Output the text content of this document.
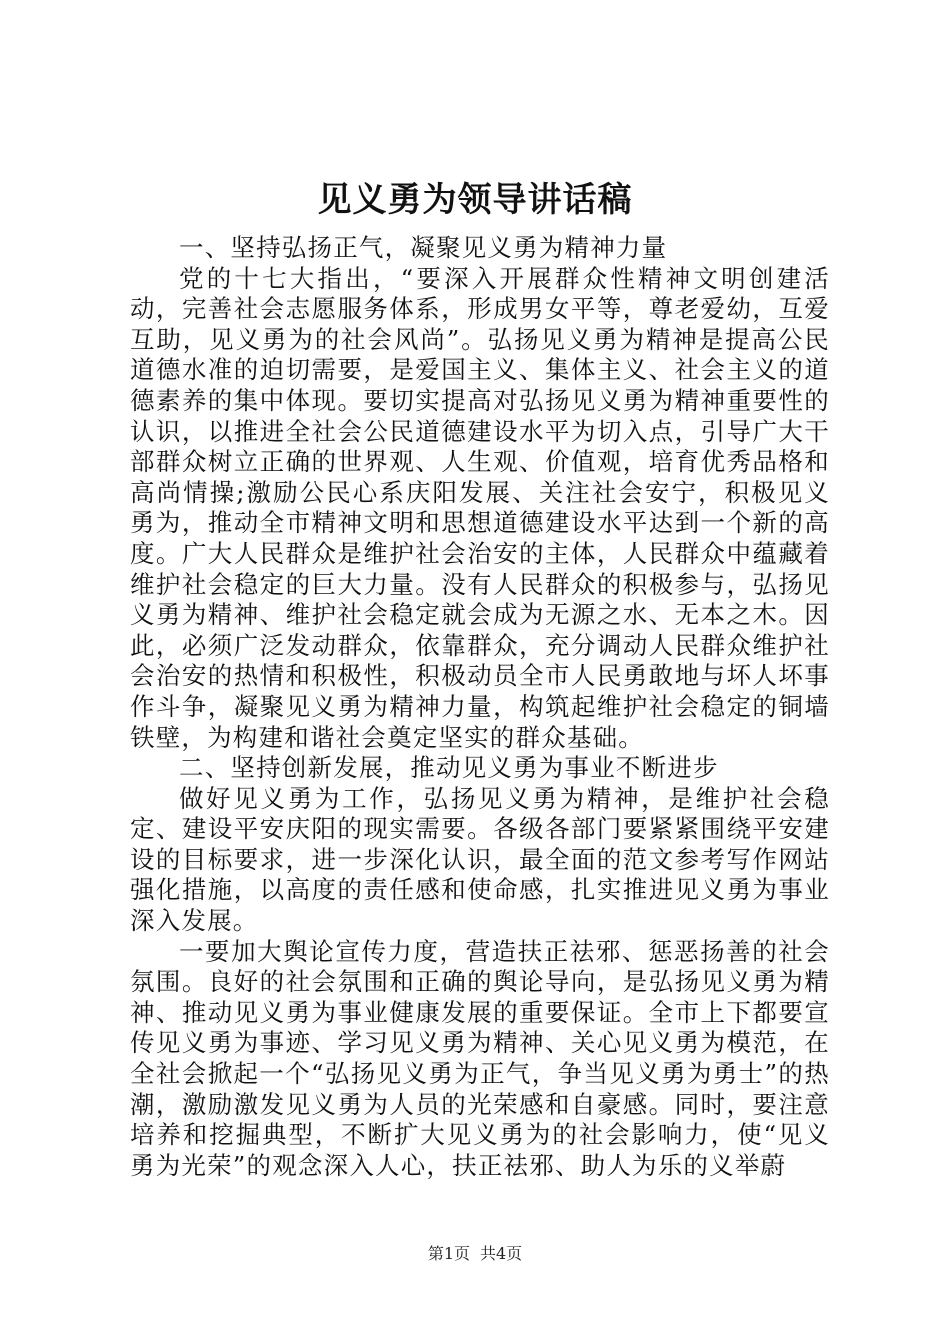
见义勇为领导讲话稿

一、坚持弘扬正气，凝聚见义勇为精神力量

党的十七大指出，“要深入开展群众性精神文明创建活动，完善社会志愿服务体系，形成男女平等，尊老爱幼，互爱互助，见义勇为的社会风尚”。弘扬见义勇为精神是提高公民道德水准的迫切需要，是爱国主义、集体主义、社会主义的道德素养的集中体现。要切实提高对弘扬见义勇为精神重要性的认识，以推进全社会公民道德建设水平为切入点，引导广大干部群众树立正确的世界观、人生观、价值观，培育优秀品格和高尚情操;激励公民心系庆阳发展、关注社会安宁，积极见义勇为，推动全市精神文明和思想道德建设水平达到一个新的高度。广大人民群众是维护社会治安的主体，人民群众中蕴藏着维护社会稳定的巨大力量。没有人民群众的积极参与，弘扬见义勇为精神、维护社会稳定就会成为无源之水、无本之木。因此，必须广泛发动群众，依靠群众，充分调动人民群众维护社会治安的热情和积极性，积极动员全市人民勇敢地与坏人坏事作斗争，凝聚见义勇为精神力量，构筑起维护社会稳定的铜墙铁壁，为构建和谐社会奠定坚实的群众基础。

二、坚持创新发展，推动见义勇为事业不断进步

做好见义勇为工作，弘扬见义勇为精神，是维护社会稳定、建设平安庆阳的现实需要。各级各部门要紧紧围绕平安建设的目标要求，进一步深化认识，最全面的范文参考写作网站强化措施，以高度的责任感和使命感，扎实推进见义勇为事业深入发展。

一要加大舆论宣传力度，营造扶正祛邪、惩恶扬善的社会氛围。良好的社会氛围和正确的舆论导向，是弘扬见义勇为精神、推动见义勇为事业健康发展的重要保证。全市上下都要宣传见义勇为事迹、学习见义勇为精神、关心见义勇为模范，在全社会掀起一个“弘扬见义勇为正气，争当见义勇为勇士”的热潮，激励激发见义勇为人员的光荣感和自豪感。同时，要注意培养和挖掘典型，不断扩大见义勇为的社会影响力，使“见义勇为光荣”的观念深入人心，扶正祛邪、助人为乐的义举蔚

第1页 共4页
